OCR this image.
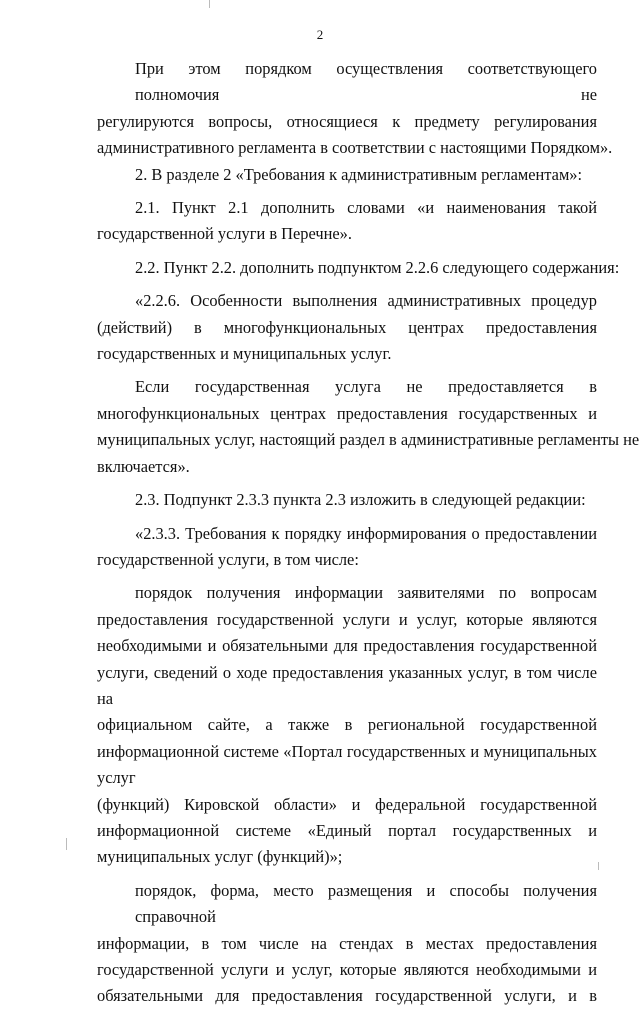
2
При этом порядком осуществления соответствующего полномочия не
регулируются вопросы, относящиеся к предмету регулирования
административного регламента в соответствии с настоящими Порядком».
2. В разделе 2 «Требования к административным регламентам»:
2.1. Пункт 2.1 дополнить словами «и наименования такой
государственной услуги в Перечне».
2.2. Пункт 2.2. дополнить подпунктом 2.2.6 следующего содержания:
«2.2.6. Особенности выполнения административных процедур
(действий) в многофункциональных центрах предоставления
государственных и муниципальных услуг.
Если государственная услуга не предоставляется в
многофункциональных центрах предоставления государственных и
муниципальных услуг, настоящий раздел в административные регламенты не
включается».
2.3. Подпункт 2.3.3 пункта 2.3 изложить в следующей редакции:
«2.3.3. Требования к порядку информирования о предоставлении
государственной услуги, в том числе:
порядок получения информации заявителями по вопросам
предоставления государственной услуги и услуг, которые являются
необходимыми и обязательными для предоставления государственной
услуги, сведений о ходе предоставления указанных услуг, в том числе на
официальном сайте, а также в региональной государственной
информационной системе «Портал государственных и муниципальных услуг
(функций) Кировской области» и федеральной государственной
информационной системе «Единый портал государственных и
муниципальных услуг (функций)»;
порядок, форма, место размещения и способы получения справочной
информации, в том числе на стендах в местах предоставления
государственной услуги и услуг, которые являются необходимыми и
обязательными для предоставления государственной услуги, и в
